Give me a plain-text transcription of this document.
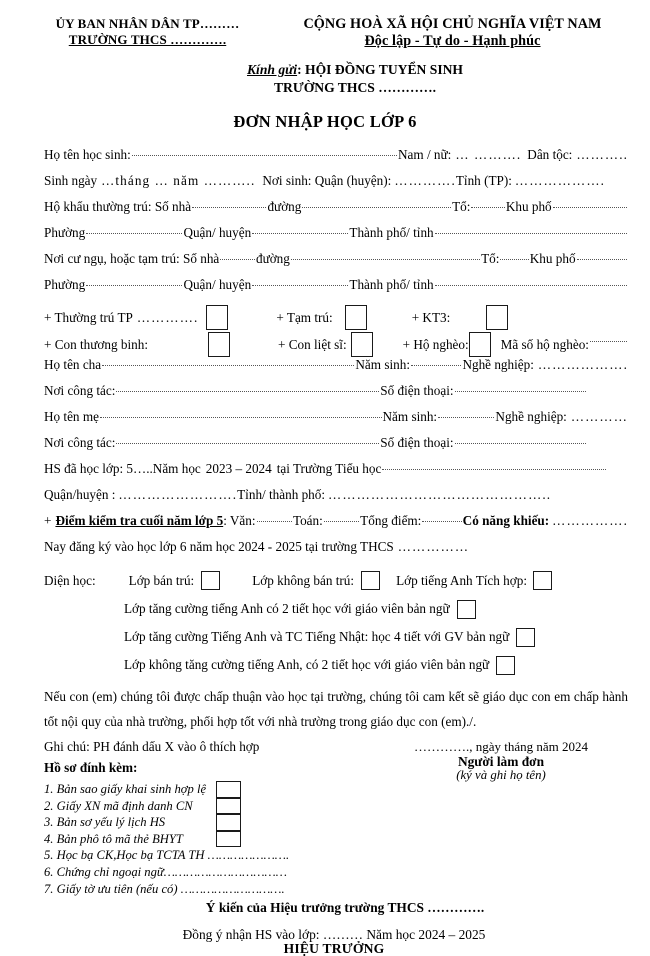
ỦY BAN NHÂN DÂN TP………
TRƯỜNG THCS ………….
CỘNG HOÀ XÃ HỘI CHỦ NGHĨA VIỆT NAM
Độc lập - Tự do - Hạnh phúc
Kính gửi: HỘI ĐỒNG TUYỂN SINH
TRƯỜNG THCS ………….
ĐƠN NHẬP HỌC LỚP 6
Họ tên học sinh:	Nam / nữ: … ………. Dân tộc: ………..
Sinh ngày …tháng … năm ……….. Nơi sinh: Quận (huyện): …………. Tỉnh (TP): ……………….
Hộ khẩu thường trú: Số nhà	đường	Tổ:	Khu phố
Phường	Quận/ huyện	Thành phố/ tỉnh
Nơi cư ngụ, hoặc tạm trú: Số nhà	đường	Tổ: Khu phố
Phường	Quận/ huyện	Thành phố/ tỉnh
+ Thường trú TP ………….	+ Tạm trú:	+ KT3:
+ Con thương binh:	+ Con liệt sĩ:	+ Hộ nghèo: Mã số hộ nghèo:
Họ tên cha	Năm sinh:	Nghề nghiệp: ……………….
Nơi công tác:	Số điện thoại:
Họ tên mẹ	Năm sinh:	Nghề nghiệp: …………
Nơi công tác:	Số điện thoại:
HS đã học lớp: 5…..Năm học 2023 – 2024 tại Trường Tiểu học
Quận/huyện : ……………………. Tỉnh/ thành phố: ………………………………………..
+ Điểm kiểm tra cuối năm lớp 5 : Văn:	Toán:	Tổng điểm:	Có năng khiếu: …………….
Nay đăng ký vào học lớp 6 năm học 2024 - 2025 tại trường THCS ……………
Diện học:	Lớp bán trú:	Lớp không bán trú:	Lớp tiếng Anh Tích hợp:
Lớp tăng cường tiếng Anh có 2 tiết học với giáo viên bản ngữ
Lớp tăng cường Tiếng Anh và TC Tiếng Nhật: học 4 tiết với GV bản ngữ
Lớp không tăng cường tiếng Anh, có 2 tiết học với giáo viên bản ngữ
Nếu con (em) chúng tôi được chấp thuận vào học tại trường, chúng tôi cam kết sẽ giáo dục con em chấp hành tốt nội quy của nhà trường, phối hợp tốt với nhà trường trong giáo dục con (em)./.
Ghi chú: PH đánh dấu X vào ô thích hợp
Hồ sơ đính kèm:
1. Bản sao giấy khai sinh hợp lệ
2. Giấy XN mã định danh CN
3. Bản sơ yếu lý lịch HS
4. Bản phô tô mã thẻ BHYT
5. Học bạ CK,Học bạ TCTA TH ………………….
6. Chứng chỉ ngoại ngữ……………………………
7. Giấy tờ ưu tiên (nếu có) ……………………….
…………., ngày tháng năm 2024
Người làm đơn
(ký và ghi họ tên)
Ý kiến của Hiệu trưởng trường THCS ………….
Đồng ý nhận HS vào lớp: ……… Năm học 2024 – 2025
HIỆU TRƯỞNG
